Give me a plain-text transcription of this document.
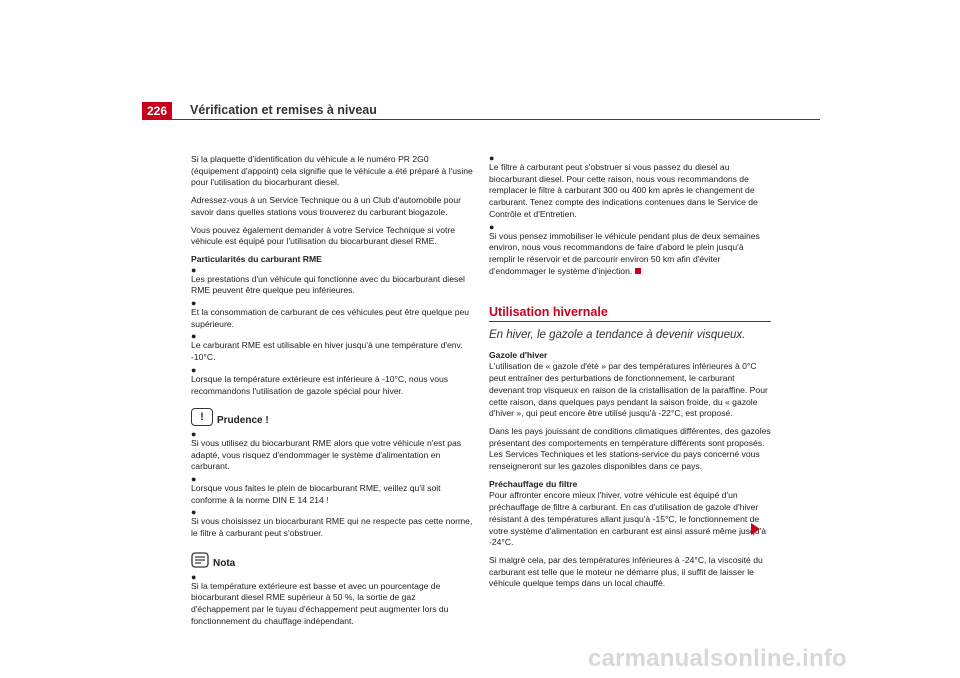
226	Vérification et remises à niveau

Si la plaquette d'identification du véhicule a le numéro PR 2G0 (équipement d'appoint) cela signifie que le véhicule a été préparé à l'usine pour l'utilisation du biocarburant diesel.

Adressez-vous à un Service Technique ou à un Club d'automobile pour savoir dans quelles stations vous trouverez du carburant biogazole.

Vous pouvez également demander à votre Service Technique si votre véhicule est équipé pour l'utilisation du biocarburant diesel RME.

Particularités du carburant RME

●
Les prestations d'un véhicule qui fonctionne avec du biocarburant diesel RME peuvent être quelque peu inférieures.
●
Et la consommation de carburant de ces véhicules peut être quelque peu supérieure.
●
Le carburant RME est utilisable en hiver jusqu'à une température d'env. -10°C.
●
Lorsque la température extérieure est inférieure à -10°C, nous vous recommandons l'utilisation de gazole spécial pour hiver.
!	Prudence !
●
Si vous utilisez du biocarburant RME alors que votre véhicule n'est pas adapté, vous risquez d'endommager le système d'alimentation en carburant.
●
Lorsque vous faites le plein de biocarburant RME, veillez qu'il soit conforme à la norme DIN E 14 214 !
●
Si vous choisissez un biocarburant RME qui ne respecte pas cette norme, le filtre à carburant peut s'obstruer.
Nota
●
Si la température extérieure est basse et avec un pourcentage de biocarburant diesel RME supérieur à 50 %, la sortie de gaz d'échappement par le tuyau d'échappement peut augmenter lors du fonctionnement du chauffage indépendant.
●
Le filtre à carburant peut s'obstruer si vous passez du diesel au biocarburant diesel. Pour cette raison, nous vous recommandons de remplacer le filtre à carburant 300 ou 400 km après le changement de carburant. Tenez compte des indications contenues dans le Service de Contrôle et d'Entretien.
●
Si vous pensez immobiliser le véhicule pendant plus de deux semaines environ, nous vous recommandons de faire d'abord le plein jusqu'à remplir le réservoir et de parcourir environ 50 km afin d'éviter d'endommager le système d'injection.
Utilisation hivernale
En hiver, le gazole a tendance à devenir visqueux.

Gazole d'hiver

L'utilisation de « gazole d'été » par des températures inférieures à 0°C peut entraîner des perturbations de fonctionnement, le carburant devenant trop visqueux en raison de la cristallisation de la paraffine. Pour cette raison, dans quelques pays pendant la saison froide, du « gazole d'hiver », qui peut encore être utilisé jusqu'à -22°C, est proposé.

Dans les pays jouissant de conditions climatiques différentes, des gazoles présentant des comportements en température différents sont proposés. Les Services Techniques et les stations-service du pays concerné vous renseigneront sur les gazoles disponibles dans ce pays.

Préchauffage du filtre

Pour affronter encore mieux l'hiver, votre véhicule est équipé d'un préchauffage de filtre à carburant. En cas d'utilisation de gazole d'hiver résistant à des températures allant jusqu'à -15°C, le fonctionnement de votre système d'alimentation en carburant est ainsi assuré même jusqu'à -24°C.

Si malgré cela, par des températures inférieures à -24°C, la viscosité du carburant est telle que le moteur ne démarre plus, il suffit de laisser le véhicule quelque temps dans un local chauffé.

carmanualsonline.info
